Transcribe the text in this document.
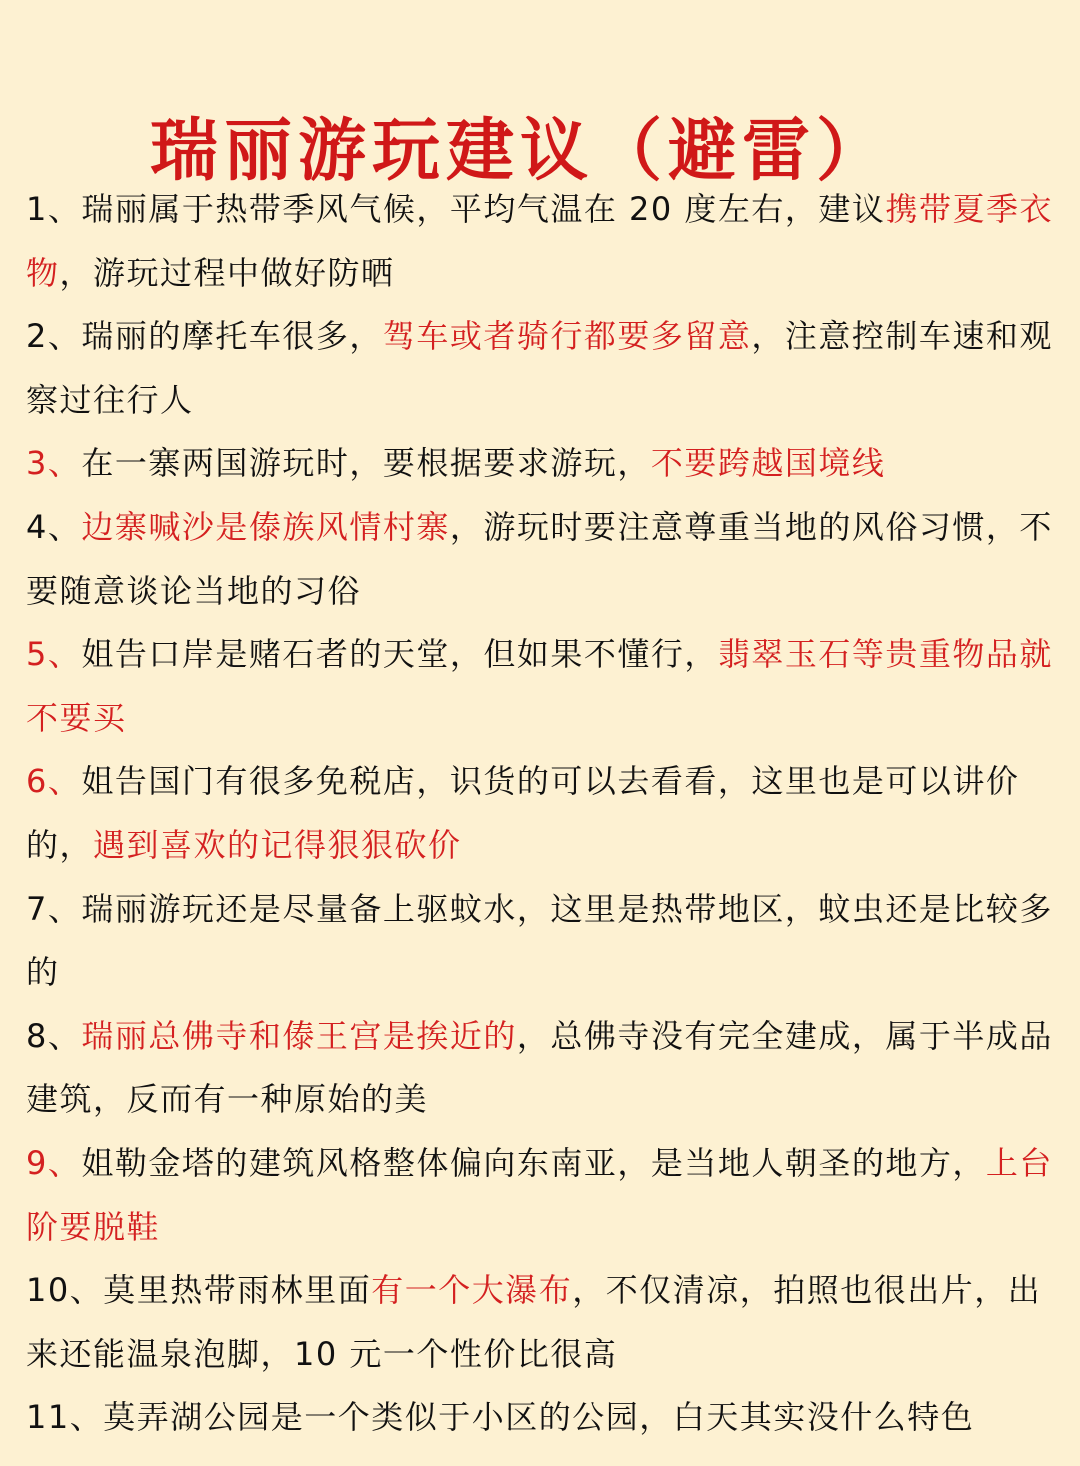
瑞丽游玩建议（避雷）
1、瑞丽属于热带季风气候，平均气温在 20 度左右，建议携带夏季衣物，游玩过程中做好防晒
2、瑞丽的摩托车很多，驾车或者骑行都要多留意，注意控制车速和观察过往行人
3、在一寨两国游玩时，要根据要求游玩，不要跨越国境线
4、边寨喊沙是傣族风情村寨，游玩时要注意尊重当地的风俗习惯，不要随意谈论当地的习俗
5、姐告口岸是赌石者的天堂，但如果不懂行，翡翠玉石等贵重物品就不要买
6、姐告国门有很多免税店，识货的可以去看看，这里也是可以讲价的，遇到喜欢的记得狠狠砍价
7、瑞丽游玩还是尽量备上驱蚊水，这里是热带地区，蚊虫还是比较多的
8、瑞丽总佛寺和傣王宫是挨近的，总佛寺没有完全建成，属于半成品建筑，反而有一种原始的美
9、姐勒金塔的建筑风格整体偏向东南亚，是当地人朝圣的地方，上台阶要脱鞋
10、莫里热带雨林里面有一个大瀑布，不仅清凉，拍照也很出片，出来还能温泉泡脚，10 元一个性价比很高
11、莫弄湖公园是一个类似于小区的公园，白天其实没什么特色
